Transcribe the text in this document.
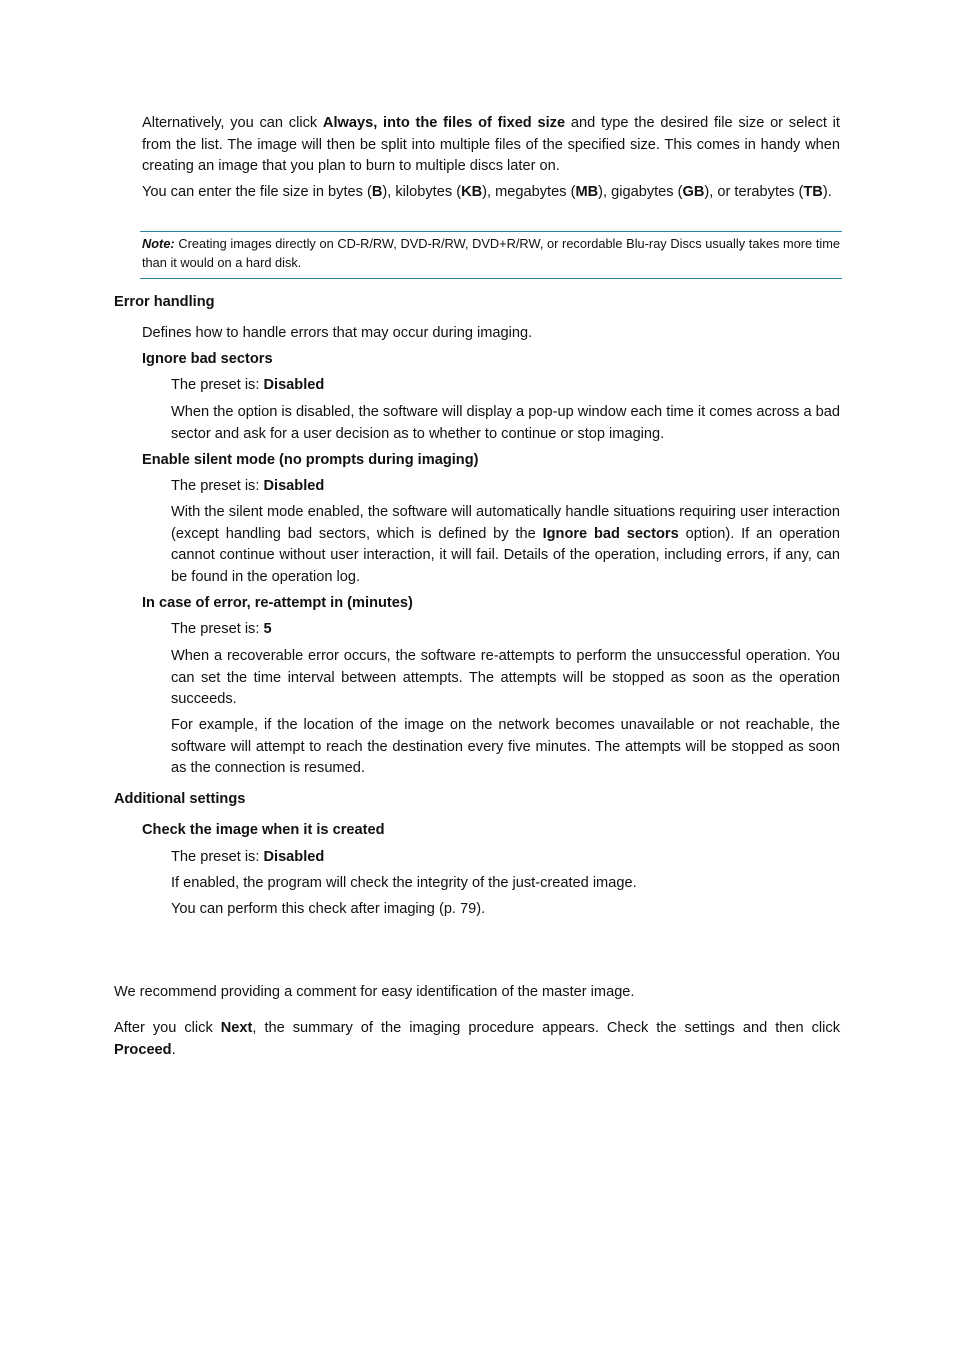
Alternatively, you can click Always, into the files of fixed size and type the desired file size or select it from the list. The image will then be split into multiple files of the specified size. This comes in handy when creating an image that you plan to burn to multiple discs later on.
You can enter the file size in bytes (B), kilobytes (KB), megabytes (MB), gigabytes (GB), or terabytes (TB).
Note: Creating images directly on CD-R/RW, DVD-R/RW, DVD+R/RW, or recordable Blu-ray Discs usually takes more time than it would on a hard disk.
Error handling
Defines how to handle errors that may occur during imaging.
Ignore bad sectors
The preset is: Disabled
When the option is disabled, the software will display a pop-up window each time it comes across a bad sector and ask for a user decision as to whether to continue or stop imaging.
Enable silent mode (no prompts during imaging)
The preset is: Disabled
With the silent mode enabled, the software will automatically handle situations requiring user interaction (except handling bad sectors, which is defined by the Ignore bad sectors option). If an operation cannot continue without user interaction, it will fail. Details of the operation, including errors, if any, can be found in the operation log.
In case of error, re-attempt in (minutes)
The preset is: 5
When a recoverable error occurs, the software re-attempts to perform the unsuccessful operation. You can set the time interval between attempts. The attempts will be stopped as soon as the operation succeeds.
For example, if the location of the image on the network becomes unavailable or not reachable, the software will attempt to reach the destination every five minutes. The attempts will be stopped as soon as the connection is resumed.
Additional settings
Check the image when it is created
The preset is: Disabled
If enabled, the program will check the integrity of the just-created image.
You can perform this check after imaging (p. 79).
We recommend providing a comment for easy identification of the master image.
After you click Next, the summary of the imaging procedure appears. Check the settings and then click Proceed.
